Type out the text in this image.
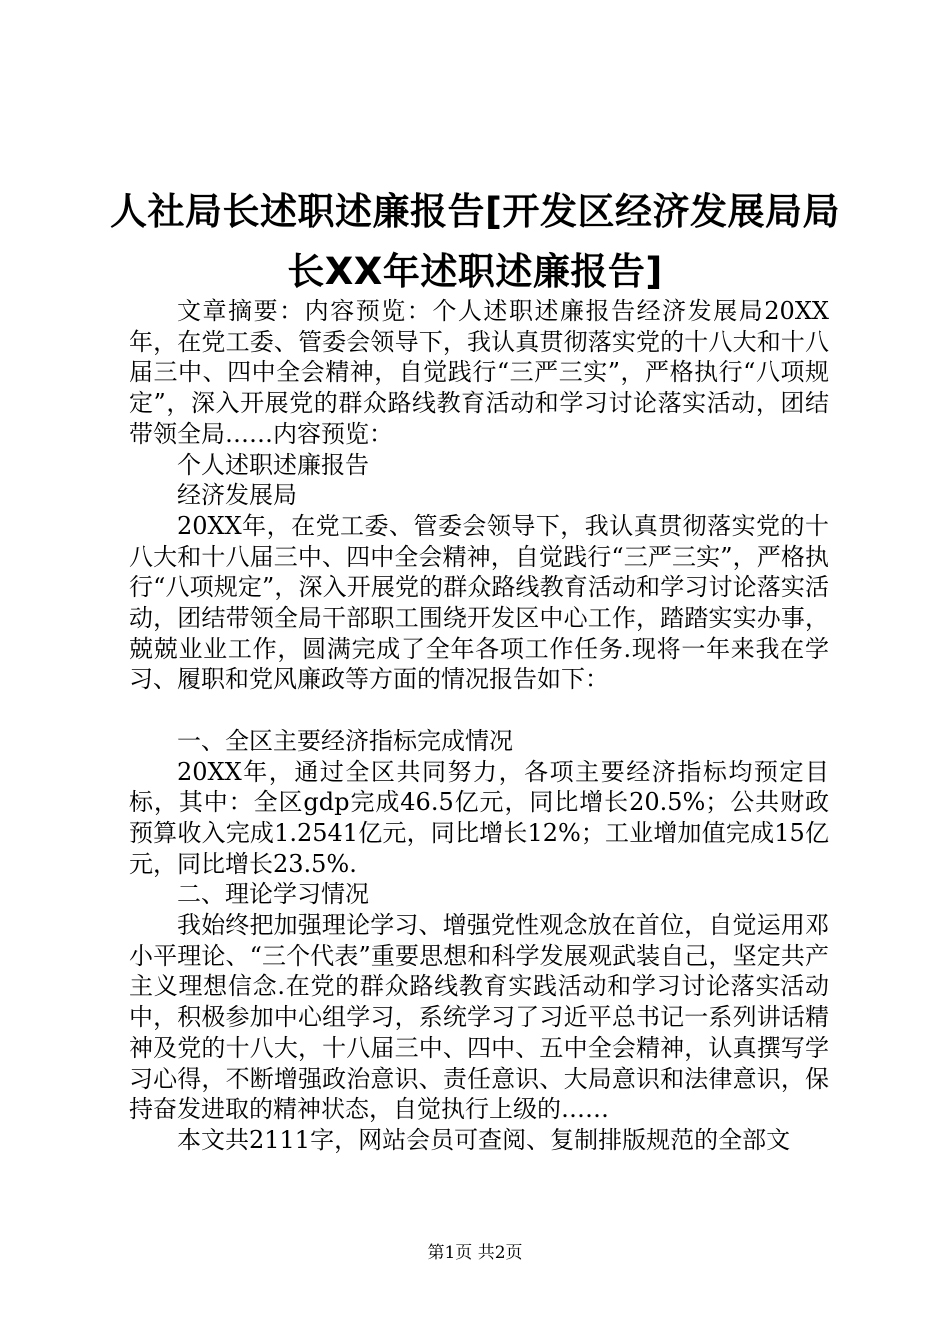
人社局长述职述廉报告[开发区经济发展局局
长XX年述职述廉报告]

文章摘要：内容预览：个人述职述廉报告经济发展局20XX年，在党工委、管委会领导下，我认真贯彻落实党的十八大和十八届三中、四中全会精神，自觉践行“三严三实”，严格执行“八项规定”，深入开展党的群众路线教育活动和学习讨论落实活动，团结带领全局……内容预览：

个人述职述廉报告

经济发展局

20XX年，在党工委、管委会领导下，我认真贯彻落实党的十八大和十八届三中、四中全会精神，自觉践行“三严三实”，严格执行“八项规定”，深入开展党的群众路线教育活动和学习讨论落实活动，团结带领全局干部职工围绕开发区中心工作，踏踏实实办事，兢兢业业工作，圆满完成了全年各项工作任务.现将一年来我在学习、履职和党风廉政等方面的情况报告如下：

一、全区主要经济指标完成情况

20XX年，通过全区共同努力，各项主要经济指标均预定目标，其中：全区gdp完成46.5亿元，同比增长20.5%；公共财政预算收入完成1.2541亿元，同比增长12%；工业增加值完成15亿元，同比增长23.5%.

二、理论学习情况

我始终把加强理论学习、增强党性观念放在首位，自觉运用邓小平理论、“三个代表”重要思想和科学发展观武装自己，坚定共产主义理想信念.在党的群众路线教育实践活动和学习讨论落实活动中，积极参加中心组学习，系统学习了习近平总书记一系列讲话精神及党的十八大，十八届三中、四中、五中全会精神，认真撰写学习心得，不断增强政治意识、责任意识、大局意识和法律意识，保持奋发进取的精神状态，自觉执行上级的……

本文共2111字，网站会员可查阅、复制排版规范的全部文

第1页 共2页
